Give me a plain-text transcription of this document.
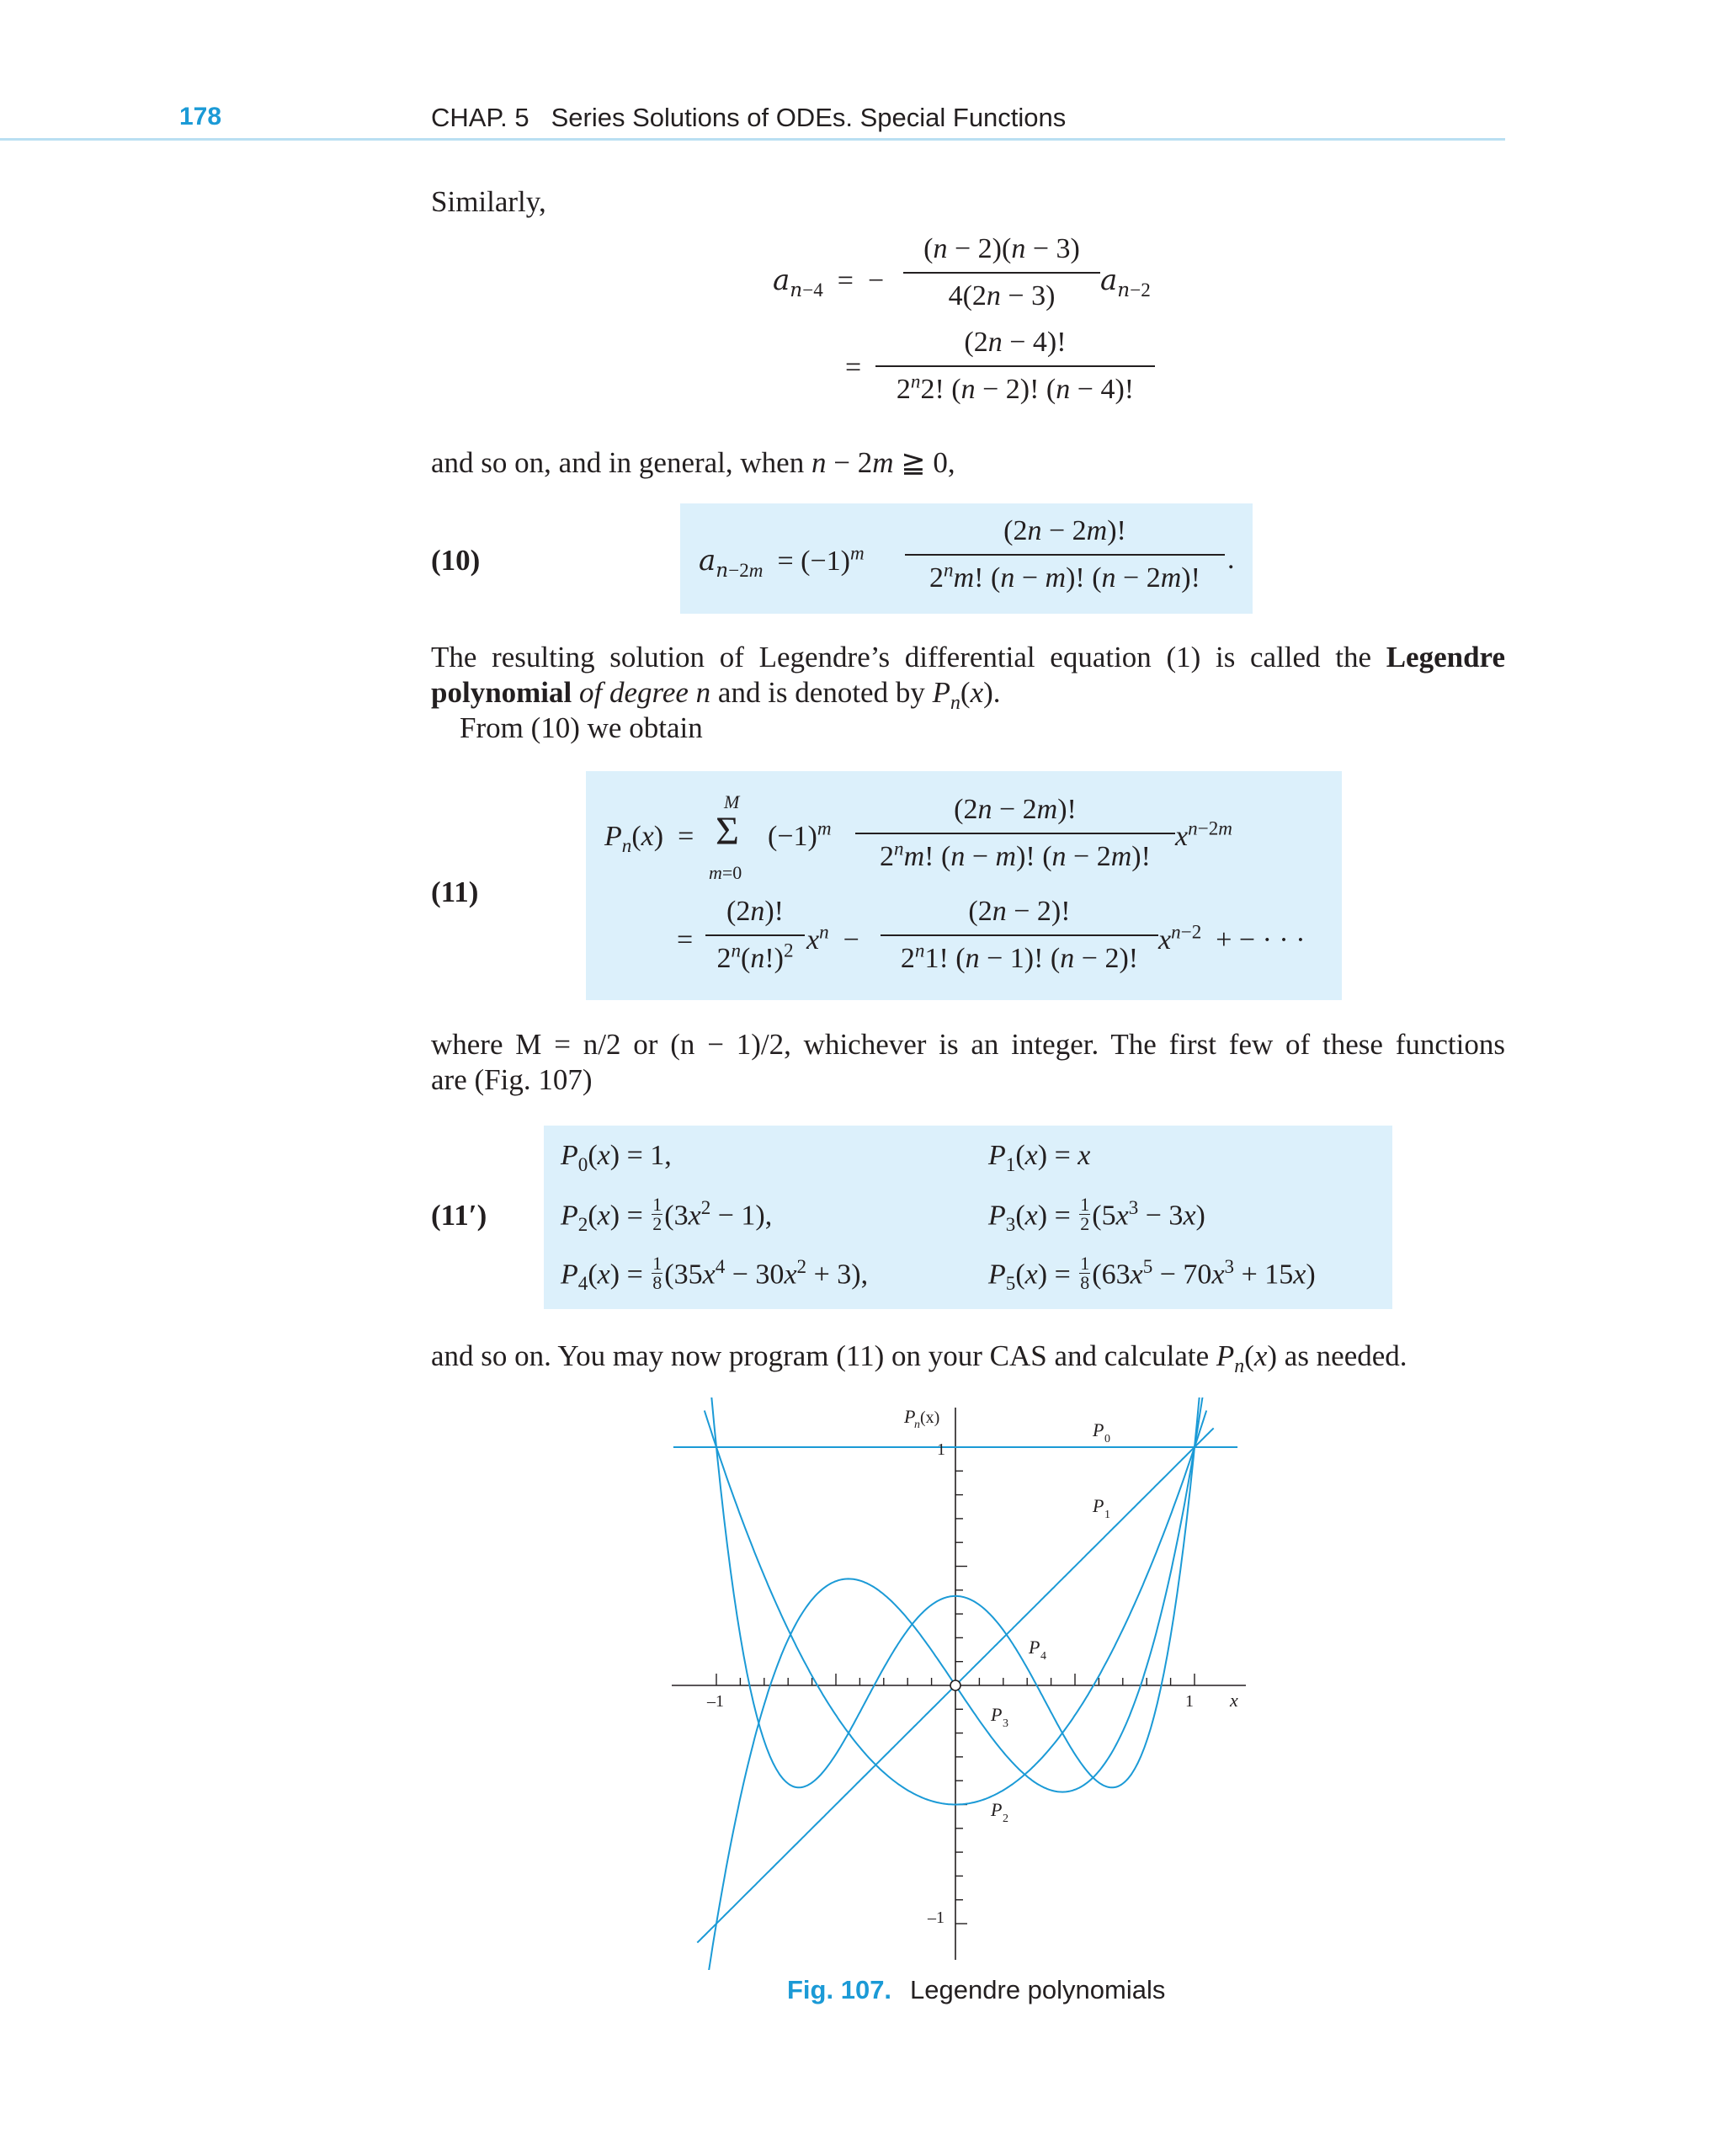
178	CHAP. 5 Series Solutions of ODEs. Special Functions
Similarly,
$a_{n-4}$  =  −
(n − 2)(n − 3)
4(2n − 3)	$a_{n-2}$
=
(2n − 4)!
2$^n$2! (n − 2)! (n − 4)!
and so on, and in general, when n − 2m ≧ 0,
(10)	$a_{n-2m} = (-1)^m$
(2n − 2m)!
2$^n$m! (n − m)! (n − 2m)!
.
The resulting solution of Legendre’s differential equation (1) is called the Legendre
polynomial of degree n and is denoted by $P_n(x)$.
From (10) we obtain
(11)
$P_n(x)$  =
M
Σ
m=0
$(-1)^m$
(2n − 2m)!
2$^n$m! (n − m)! (n − 2m)!
$x^{n-2m}$
=
(2n)!
$2^n(n!)^2$ $x^n$  −
(2n − 2)!
2$^n$1! (n − 1)! (n − 2)!
$x^{n-2}$  + − · · ·
where M = n/2 or (n − 1)/2, whichever is an integer. The first few of these functions
are (Fig. 107)
(11′)
$P_0(x) = 1$,	$P_1(x) = x$
$P_2(x) = \frac{1}{2} (3x^2 - 1)$,	$P_3(x) = \frac{1}{2} (5x^3 - 3x)$
$P_4(x) = \frac{1}{8} (35x^4 - 30x^2 + 3)$,	$P_5(x) = \frac{1}{8} (63x^5 - 70x^3 + 15x)$
and so on. You may now program (11) on your CAS and calculate $P_n(x)$ as needed.
P
n (x)
x
1
–1
1
–1
P 0
P 1
P 2
P 3
P 4
Fig. 107. Legendre polynomials
